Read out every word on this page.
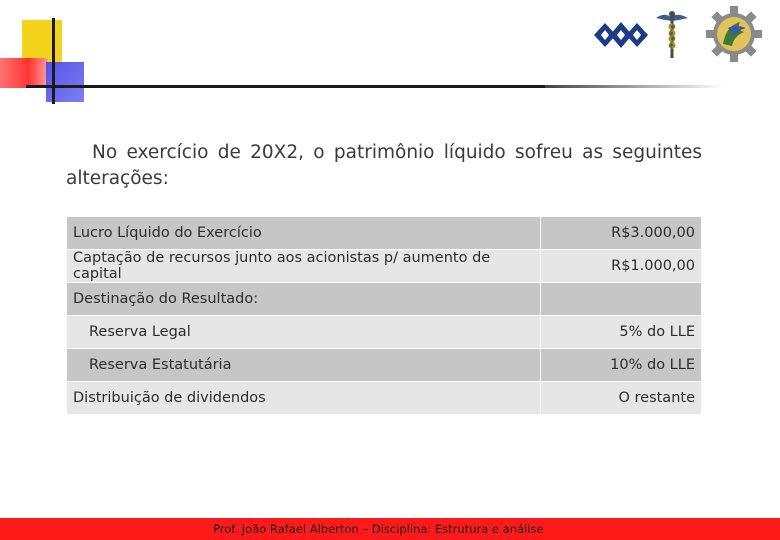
No exercício de 20X2, o patrimônio líquido sofreu as seguintes alterações:
Lucro Líquido do Exercício	R$3.000,00
Captação de recursos junto aos acionistas p/ aumento de capital	R$1.000,00
Destinação do Resultado:	
Reserva Legal	5% do LLE
Reserva Estatutária	10% do LLE
Distribuição de dividendos	O restante
Prof. João Rafael Alberton – Disciplina: Estrutura e análise
